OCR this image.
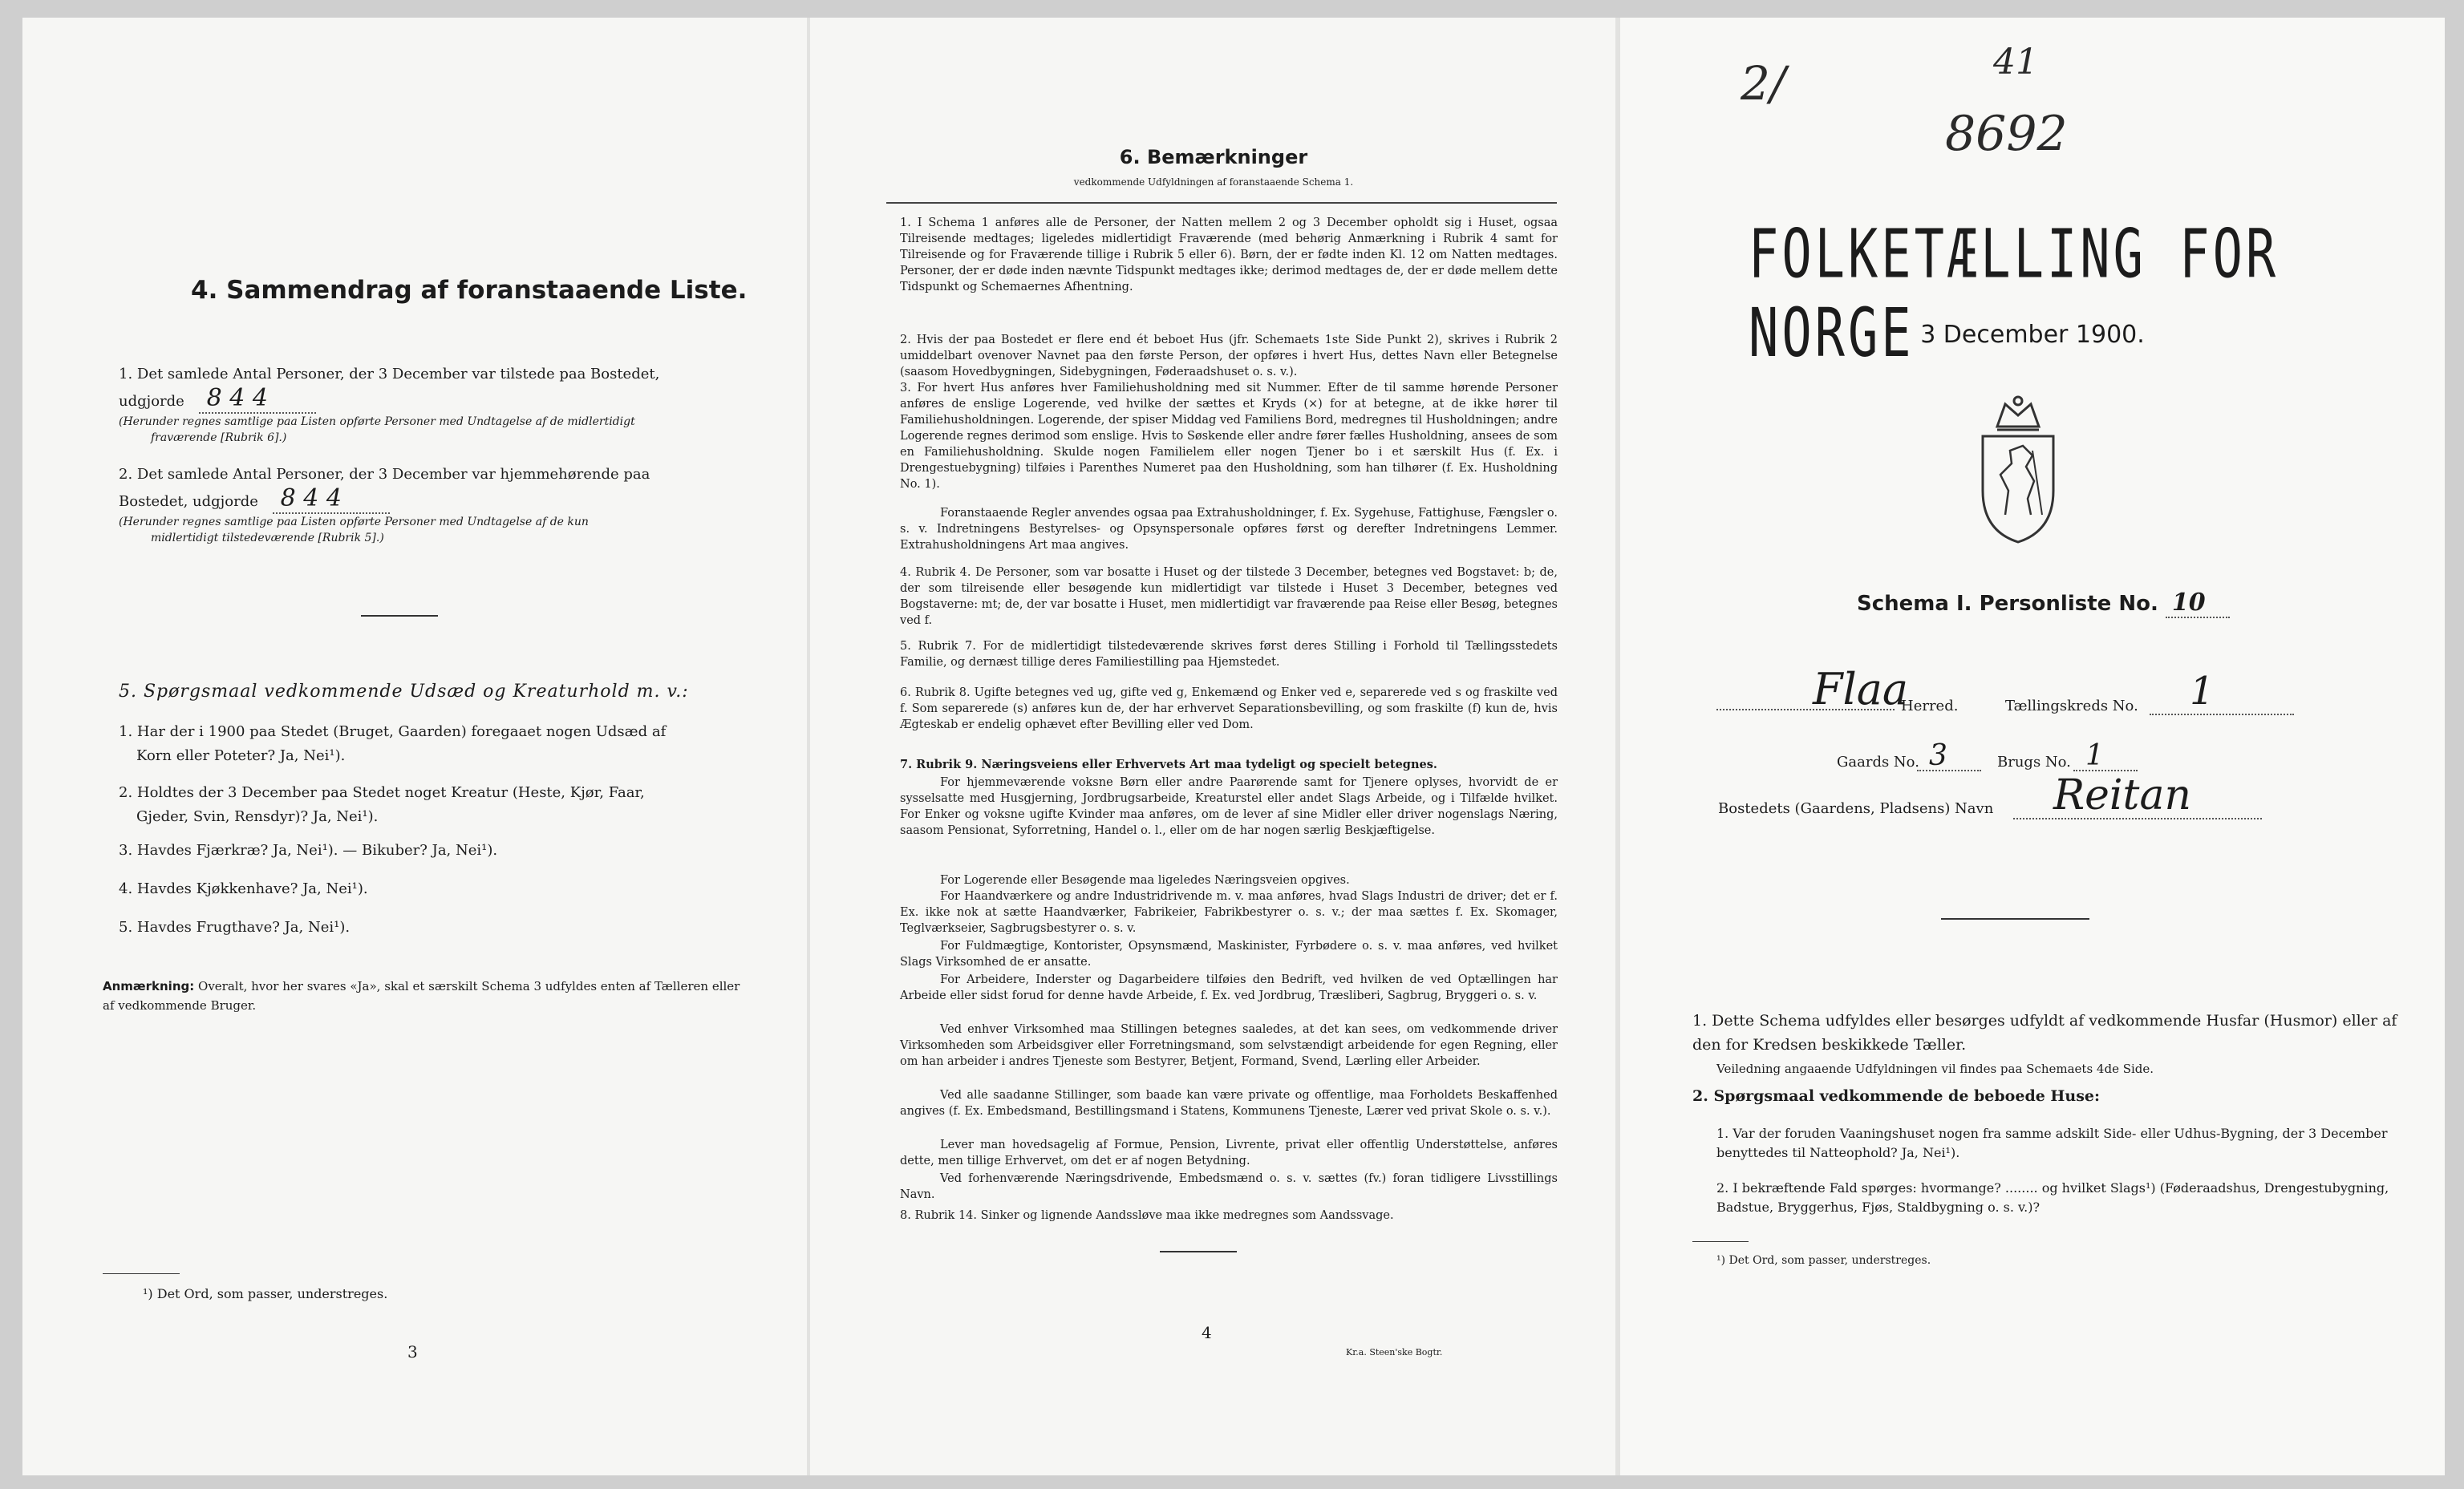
4. Sammendrag af foranstaaende Liste.
1. Det samlede Antal Personer, der 3 December var tilstede paa Bostedet,
udgjorde 8 4 4
(Herunder regnes samtlige paa Listen opførte Personer med Undtagelse af de midlertidigt
fraværende [Rubrik 6].)
2. Det samlede Antal Personer, der 3 December var hjemmehørende paa
Bostedet, udgjorde 8 4 4
(Herunder regnes samtlige paa Listen opførte Personer med Undtagelse af de kun
midlertidigt tilstedeværende [Rubrik 5].)
5. Spørgsmaal vedkommende Udsæd og Kreaturhold m. v.:
1. Har der i 1900 paa Stedet (Bruget, Gaarden) foregaaet nogen Udsæd af
Korn eller Poteter? Ja, Nei¹).
2. Holdtes der 3 December paa Stedet noget Kreatur (Heste, Kjør, Faar,
Gjeder, Svin, Rensdyr)? Ja, Nei¹).
3. Havdes Fjærkræ? Ja, Nei¹). — Bikuber? Ja, Nei¹).
4. Havdes Kjøkkenhave? Ja, Nei¹).
5. Havdes Frugthave? Ja, Nei¹).
Anmærkning: Overalt, hvor her svares «Ja», skal et særskilt Schema 3 udfyldes enten af Tælleren eller af vedkommende Bruger.
¹) Det Ord, som passer, understreges.
3
6. Bemærkninger
vedkommende Udfyldningen af foranstaaende Schema 1.
1. I Schema 1 anføres alle de Personer, der Natten mellem 2 og 3 December opholdt sig i Huset, ogsaa Tilreisende medtages; ligeledes midlertidigt Fraværende (med behørig Anmærkning i Rubrik 4 samt for Tilreisende og for Fraværende tillige i Rubrik 5 eller 6). Børn, der er fødte inden Kl. 12 om Natten medtages. Personer, der er døde inden nævnte Tidspunkt medtages ikke; derimod medtages de, der er døde mellem dette Tidspunkt og Schemaernes Afhentning.
2. Hvis der paa Bostedet er flere end ét beboet Hus (jfr. Schemaets 1ste Side Punkt 2), skrives i Rubrik 2 umiddelbart ovenover Navnet paa den første Person, der opføres i hvert Hus, dettes Navn eller Betegnelse (saasom Hovedbygningen, Sidebygningen, Føderaadshuset o. s. v.).
3. For hvert Hus anføres hver Familiehusholdning med sit Nummer. Efter de til samme hørende Personer anføres de enslige Logerende, ved hvilke der sættes et Kryds (×) for at betegne, at de ikke hører til Familiehusholdningen. Logerende, der spiser Middag ved Familiens Bord, medregnes til Husholdningen; andre Logerende regnes derimod som enslige. Hvis to Søskende eller andre fører fælles Husholdning, ansees de som en Familiehusholdning. Skulde nogen Familielem eller nogen Tjener bo i et særskilt Hus (f. Ex. i Drengestuebygning) tilføies i Parenthes Numeret paa den Husholdning, som han tilhører (f. Ex. Husholdning No. 1).
Foranstaaende Regler anvendes ogsaa paa Extrahusholdninger, f. Ex. Sygehuse, Fattighuse, Fængsler o. s. v. Indretningens Bestyrelses- og Opsynspersonale opføres først og derefter Indretningens Lemmer. Extrahusholdningens Art maa angives.
4. Rubrik 4. De Personer, som var bosatte i Huset og der tilstede 3 December, betegnes ved Bogstavet: b; de, der som tilreisende eller besøgende kun midlertidigt var tilstede i Huset 3 December, betegnes ved Bogstaverne: mt; de, der var bosatte i Huset, men midlertidigt var fraværende paa Reise eller Besøg, betegnes ved f.
5. Rubrik 7. For de midlertidigt tilstedeværende skrives først deres Stilling i Forhold til Tællingsstedets Familie, og dernæst tillige deres Familiestilling paa Hjemstedet.
6. Rubrik 8. Ugifte betegnes ved ug, gifte ved g, Enkemænd og Enker ved e, separerede ved s og fraskilte ved f. Som separerede (s) anføres kun de, der har erhvervet Separationsbevilling, og som fraskilte (f) kun de, hvis Ægteskab er endelig ophævet efter Bevilling eller ved Dom.
7. Rubrik 9. Næringsveiens eller Erhvervets Art maa tydeligt og specielt betegnes.
For hjemmeværende voksne Børn eller andre Paarørende samt for Tjenere oplyses, hvorvidt de er sysselsatte med Husgjerning, Jordbrugsarbeide, Kreaturstel eller andet Slags Arbeide, og i Tilfælde hvilket. For Enker og voksne ugifte Kvinder maa anføres, om de lever af sine Midler eller driver nogenslags Næring, saasom Pensionat, Syforretning, Handel o. l., eller om de har nogen særlig Beskjæftigelse.
For Logerende eller Besøgende maa ligeledes Næringsveien opgives.
For Haandværkere og andre Industridrivende m. v. maa anføres, hvad Slags Industri de driver; det er f. Ex. ikke nok at sætte Haandværker, Fabrikeier, Fabrikbestyrer o. s. v.; der maa sættes f. Ex. Skomager, Teglværkseier, Sagbrugsbestyrer o. s. v.
For Fuldmægtige, Kontorister, Opsynsmænd, Maskinister, Fyrbødere o. s. v. maa anføres, ved hvilket Slags Virksomhed de er ansatte.
For Arbeidere, Inderster og Dagarbeidere tilføies den Bedrift, ved hvilken de ved Optællingen har Arbeide eller sidst forud for denne havde Arbeide, f. Ex. ved Jordbrug, Træsliberi, Sagbrug, Bryggeri o. s. v.
Ved enhver Virksomhed maa Stillingen betegnes saaledes, at det kan sees, om vedkommende driver Virksomheden som Arbeidsgiver eller Forretningsmand, som selvstændigt arbeidende for egen Regning, eller om han arbeider i andres Tjeneste som Bestyrer, Betjent, Formand, Svend, Lærling eller Arbeider.
Ved alle saadanne Stillinger, som baade kan være private og offentlige, maa Forholdets Beskaffenhed angives (f. Ex. Embedsmand, Bestillingsmand i Statens, Kommunens Tjeneste, Lærer ved privat Skole o. s. v.).
Lever man hovedsagelig af Formue, Pension, Livrente, privat eller offentlig Understøttelse, anføres dette, men tillige Erhvervet, om det er af nogen Betydning.
Ved forhenværende Næringsdrivende, Embedsmænd o. s. v. sættes (fv.) foran tidligere Livsstillings Navn.
8. Rubrik 14. Sinker og lignende Aandssløve maa ikke medregnes som Aandssvage.
4
Kr.a. Steen'ske Bogtr.
2/	41
8692
FOLKETÆLLING FOR NORGE 3 December 1900.
Schema I. Personliste No. 10
Flaa
Herred.	Tællingskreds No. 1
Gaards No. 3	Brugs No. 1
Bostedets (Gaardens, Pladsens) Navn Reitan
1. Dette Schema udfyldes eller besørges udfyldt af vedkommende Husfar (Husmor) eller af den for Kredsen beskikkede Tæller.
Veiledning angaaende Udfyldningen vil findes paa Schemaets 4de Side.
2. Spørgsmaal vedkommende de beboede Huse:
1. Var der foruden Vaaningshuset nogen fra samme adskilt Side- eller Udhus-Bygning, der 3 December benyttedes til Natteophold? Ja, Nei¹).
2. I bekræftende Fald spørges: hvormange? ........ og hvilket Slags¹) (Føderaadshus, Drengestubygning, Badstue, Bryggerhus, Fjøs, Staldbygning o. s. v.)?
¹) Det Ord, som passer, understreges.
